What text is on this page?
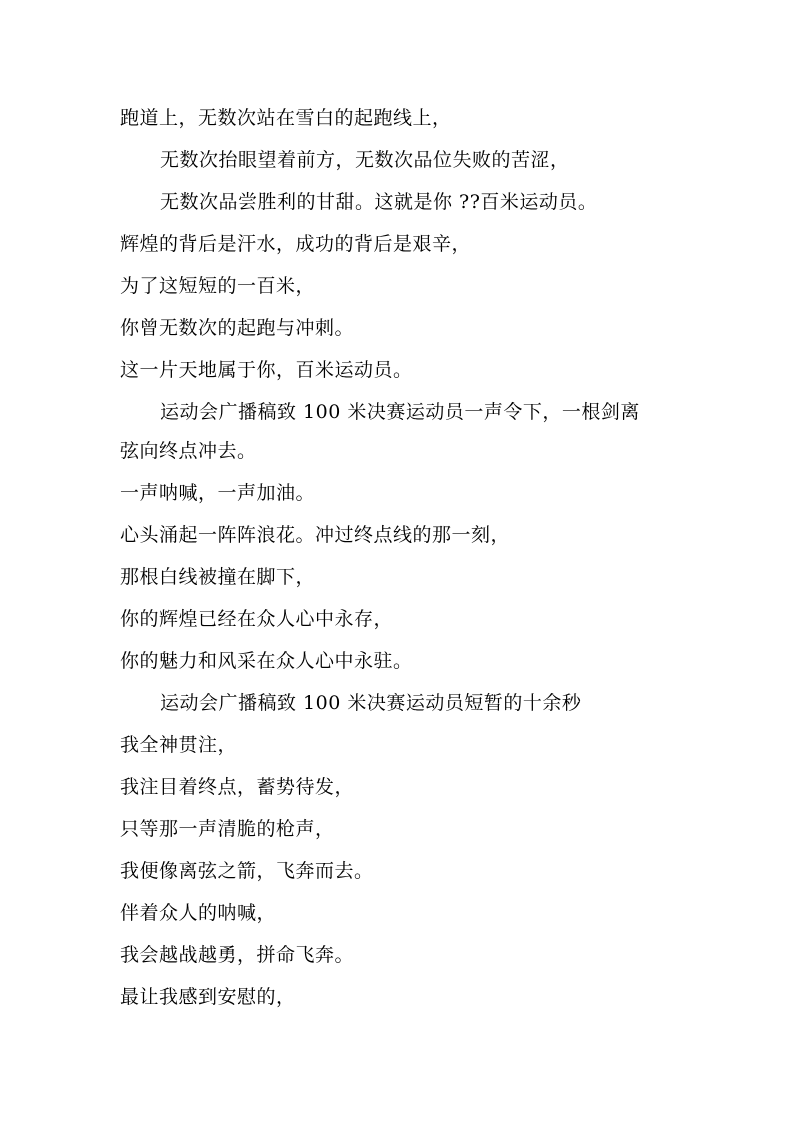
跑道上，无数次站在雪白的起跑线上，
无数次抬眼望着前方，无数次品位失败的苦涩，
无数次品尝胜利的甘甜。这就是你 ??百米运动员。
辉煌的背后是汗水，成功的背后是艰辛，
为了这短短的一百米，
你曾无数次的起跑与冲刺。
这一片天地属于你，百米运动员。
运动会广播稿致 100 米决赛运动员一声令下，一根剑离
弦向终点冲去。
一声呐喊，一声加油。
心头涌起一阵阵浪花。冲过终点线的那一刻，
那根白线被撞在脚下，
你的辉煌已经在众人心中永存，
你的魅力和风采在众人心中永驻。
运动会广播稿致 100 米决赛运动员短暂的十余秒
我全神贯注，
我注目着终点，蓄势待发，
只等那一声清脆的枪声，
我便像离弦之箭，飞奔而去。
伴着众人的呐喊，
我会越战越勇，拼命飞奔。
最让我感到安慰的，
